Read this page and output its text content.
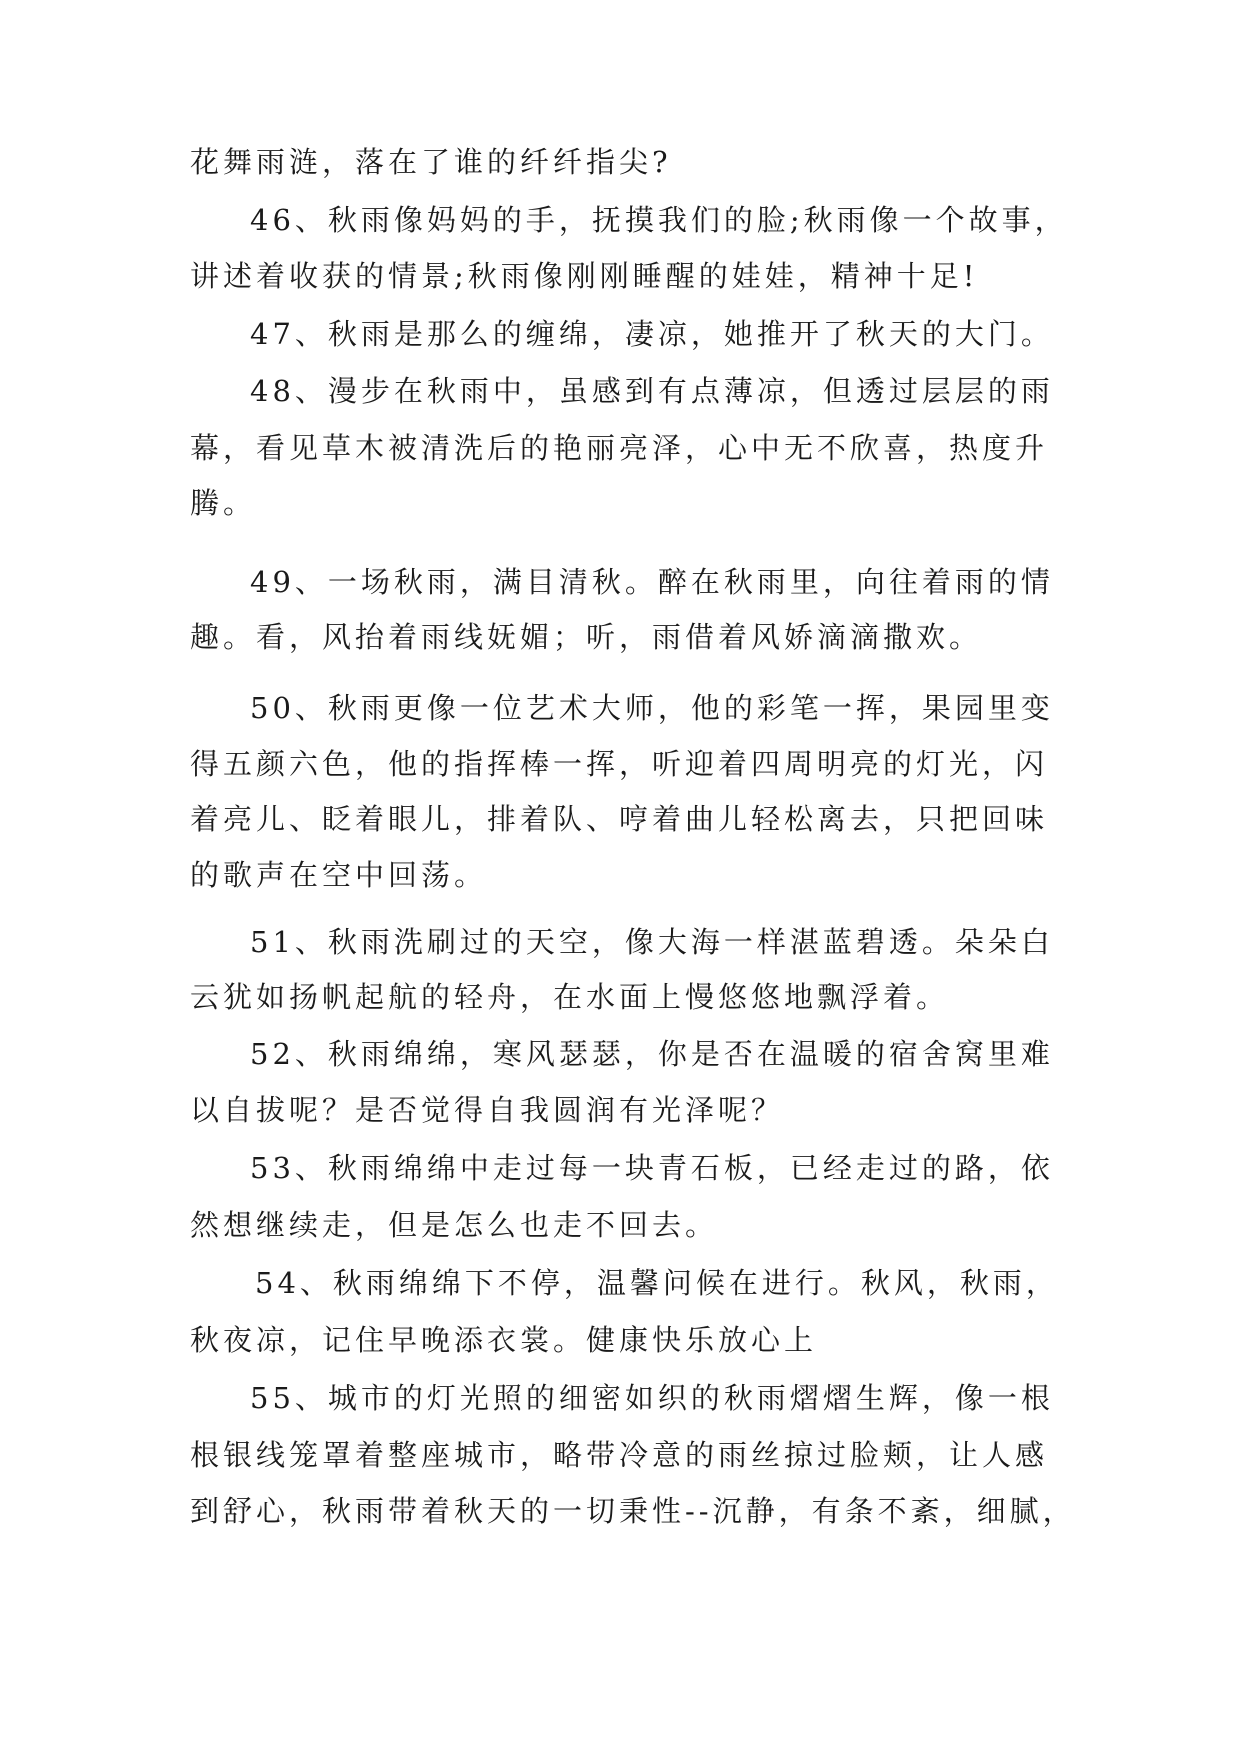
花舞雨涟，落在了谁的纤纤指尖?
46、秋雨像妈妈的手，抚摸我们的脸;秋雨像一个故事，
讲述着收获的情景;秋雨像刚刚睡醒的娃娃，精神十足!
47、秋雨是那么的缠绵，凄凉，她推开了秋天的大门。
48、漫步在秋雨中，虽感到有点薄凉，但透过层层的雨
幕，看见草木被清洗后的艳丽亮泽，心中无不欣喜，热度升
腾。
49、一场秋雨，满目清秋。醉在秋雨里，向往着雨的情
趣。看，风抬着雨线妩媚；听，雨借着风娇滴滴撒欢。
50、秋雨更像一位艺术大师，他的彩笔一挥，果园里变
得五颜六色，他的指挥棒一挥，听迎着四周明亮的灯光，闪
着亮儿、眨着眼儿，排着队、哼着曲儿轻松离去，只把回味
的歌声在空中回荡。
51、秋雨洗刷过的天空，像大海一样湛蓝碧透。朵朵白
云犹如扬帆起航的轻舟，在水面上慢悠悠地飘浮着。
52、秋雨绵绵，寒风瑟瑟，你是否在温暖的宿舍窝里难
以自拔呢？是否觉得自我圆润有光泽呢？
53、秋雨绵绵中走过每一块青石板，已经走过的路，依
然想继续走，但是怎么也走不回去。
54、秋雨绵绵下不停，温馨问候在进行。秋风，秋雨，
秋夜凉，记住早晚添衣裳。健康快乐放心上
55、城市的灯光照的细密如织的秋雨熠熠生辉，像一根
根银线笼罩着整座城市，略带冷意的雨丝掠过脸颊，让人感
到舒心，秋雨带着秋天的一切秉性--沉静，有条不紊，细腻，
